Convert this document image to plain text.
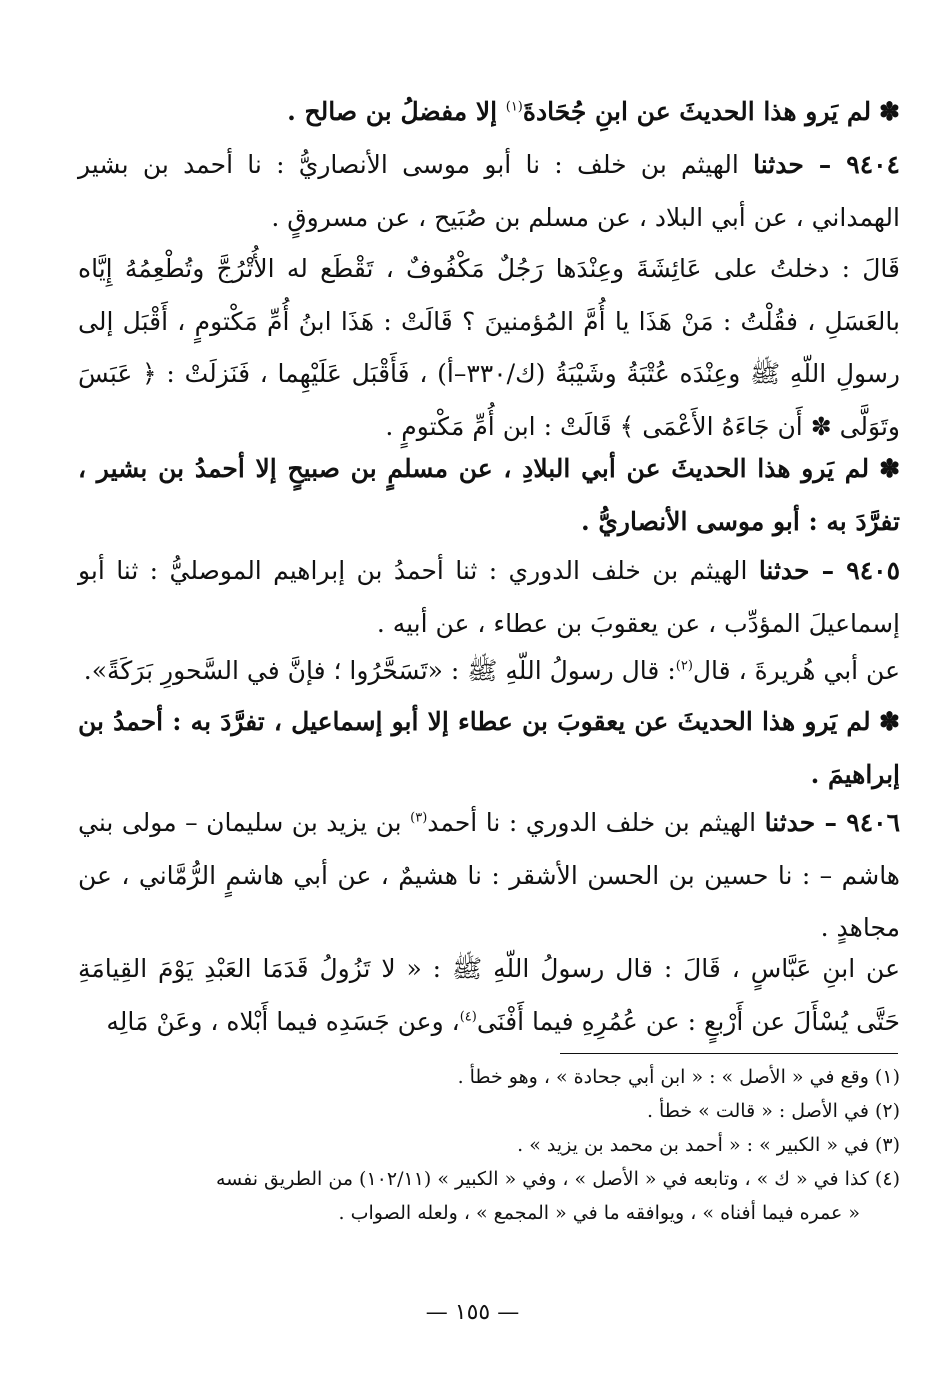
✽ لم يَرو هذا الحديثَ عن ابنِ جُحَادةَ$^{(١)}$ إلا مفضلُ بن صالح .

٩٤٠٤ – حدثنا الهيثم بن خلف : نا أبو موسى الأنصاريُّ : نا أحمد بن بشير الهمداني ، عن أبي البلاد ، عن مسلم بن صُبَيح ، عن مسروقٍ .

قَالَ : دخلتُ على عَائِشَةَ وعِنْدَها رَجُلٌ مَكْفُوفٌ ، تَقْطَع له الأُتْرُجَّ وتُطْعِمُهُ إِيَّاه بالعَسَلِ ، فقُلْتُ : مَنْ هَذَا يا أُمَّ المُؤمنينَ ؟ قَالَتْ : هَذَا ابنُ أُمِّ مَكْتومٍ ، أَقْبَل إلى رسولِ اللّهِ ﷺ وعِنْدَه عُتْبَةُ وشَيْبَةُ (ك/٣٣٠–أ) ، فَأَقْبَل عَلَيْهِما ، فَنَزلَتْ : ﴿ عَبَسَ وتَوَلَّى ✽ أَن جَاءَهُ الأَعْمَى ﴾ قَالَتْ : ابن أُمِّ مَكْتومٍ .

✽ لم يَرو هذا الحديثَ عن أبي البلادِ ، عن مسلمٍ بن صبيحٍ إلا أحمدُ بن بشير ، تفرَّدَ به : أبو موسى الأنصاريُّ .

٩٤٠٥ – حدثنا الهيثم بن خلف الدوري : ثنا أحمدُ بن إبراهيم الموصليُّ : ثنا أبو إسماعيلَ المؤدِّب ، عن يعقوبَ بن عطاء ، عن أبيه .

عن أبي هُريرةَ ، قال$^{(٢)}$: قال رسولُ اللّهِ ﷺ : «تَسَحَّرُوا ؛ فإنَّ في السَّحورِ بَرَكَةً».

✽ لم يَرو هذا الحديثَ عن يعقوبَ بن عطاء إلا أبو إسماعيل ، تفرَّدَ به : أحمدُ بن إبراهيمَ .

٩٤٠٦ – حدثنا الهيثم بن خلف الدوري : نا أحمد$^{(٣)}$ بن يزيد بن سليمان – مولى بني هاشم – : نا حسين بن الحسن الأشقر : نا هشيمٌ ، عن أبي هاشمٍ الرُّمَّاني ، عن مجاهدٍ .

عن ابنِ عَبَّاسٍ ، قَالَ : قال رسولُ اللّهِ ﷺ : « لا تَزُولُ قَدَمَا العَبْدِ يَوْمَ القِيامَةِ حَتَّى يُسْأَلَ عن أَرْبعٍ : عن عُمُرِهِ فيما أَفْنَى$^{(٤)}$، وعن جَسَدِه فيما أَبْلاه ، وعَنْ مَالِه

(١) وقع في « الأصل » : « ابن أبي جحادة » ، وهو خطأ .

(٢) في الأصل : « قالت » خطأ .

(٣) في « الكبير » : « أحمد بن محمد بن يزيد » .

(٤) كذا في « ك » ، وتابعه في « الأصل » ، وفي « الكبير » (١٠٢/١١) من الطريق نفسه

« عمره فيما أفناه » ، ويوافقه ما في « المجمع » ، ولعله الصواب .

— ١٥٥ —
